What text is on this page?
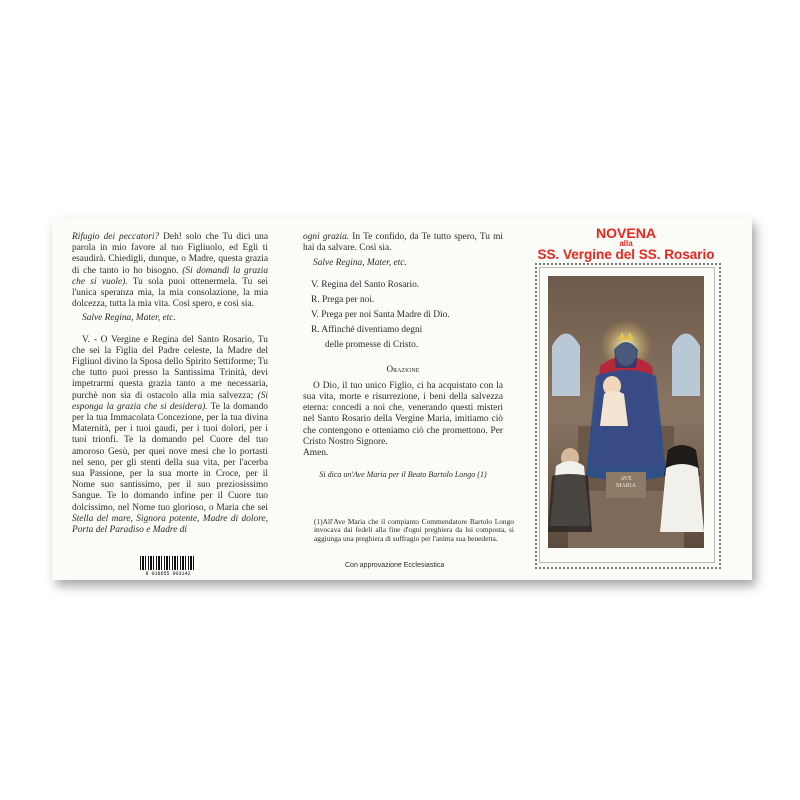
Rifugio dei peccatori? Deh! solo che Tu dici una parola in mio favore al tuo Figliuolo, ed Egli ti esaudirà. Chiedigli, dunque, o Madre, questa grazia di che tanto io ho bisogno. (Si domandi la grazia che si vuole). Tu sola puoi ottenermela. Tu sei l'unica speranza mia, la mia consolazione, la mia dolcezza, tutta la mia vita. Così spero, e così sia.

Salve Regina, Mater, etc.

V. - O Vergine e Regina del Santo Rosario, Tu che sei la Figlia del Padre celeste, la Madre del Figliuol divino la Sposa dello Spirito Settiforme; Tu che tutto puoi presso la Santissima Trinità, devi impetrarmi questa grazia tanto a me necessaria, purchè non sia di ostacolo alla mia salvezza; (Si esponga la grazia che si desidera). Te la domando per la tua Immacolata Concezione, per la tua divina Maternità, per i tuoi gaudi, per i tuoi dolori, per i tuoi trionfi. Te la domando pel Cuore del tuo amoroso Gesù, per quei nove mesi che lo portasti nel seno, per gli stenti della sua vita, per l'acerba sua Passione, per la sua morte in Croce, per il Nome suo santissimo, per il suo preziosissimo Sangue. Te lo domando infine per il Cuore tuo dolcissimo, nel Nome tuo glorioso, o Maria che sei Stella del mare, Signora potente, Madre di dolore, Porta del Paradiso e Madre di

8 018655 003142

ogni grazia. In Te confido, da Te tutto spero, Tu mi hai da salvare. Così sia.

Salve Regina, Mater, etc.

V. Regina del Santo Rosario.
R. Prega per noi.
V. Prega per noi Santa Madre di Dio.
R. Affinché diventiamo degni
delle promesse di Cristo.
Orazione

O Dio, il tuo unico Figlio, ci ha acquistato con la sua vita, morte e risurrezione, i beni della salvezza eterna: concedi a noi che, venerando questi misteri nel Santo Rosario della Vergine Maria, imitiamo ciò che contengono e otteniamo ciò che promettono. Per Cristo Nostro Signore.

Amen.

Si dica un'Ave Maria per il Beato Bartolo Longo (1)

(1)All'Ave Maria che il compianto Commendatore Bartolo Longo invocava dai fedeli alla fine d'ogni preghiera da lui composta, si aggiunga una preghiera di suffragio per l'anima sua benedetta.
Con approvazione Ecclesiastica
NOVENA
alla
SS. Vergine del SS. Rosario
AVE
MARIA
